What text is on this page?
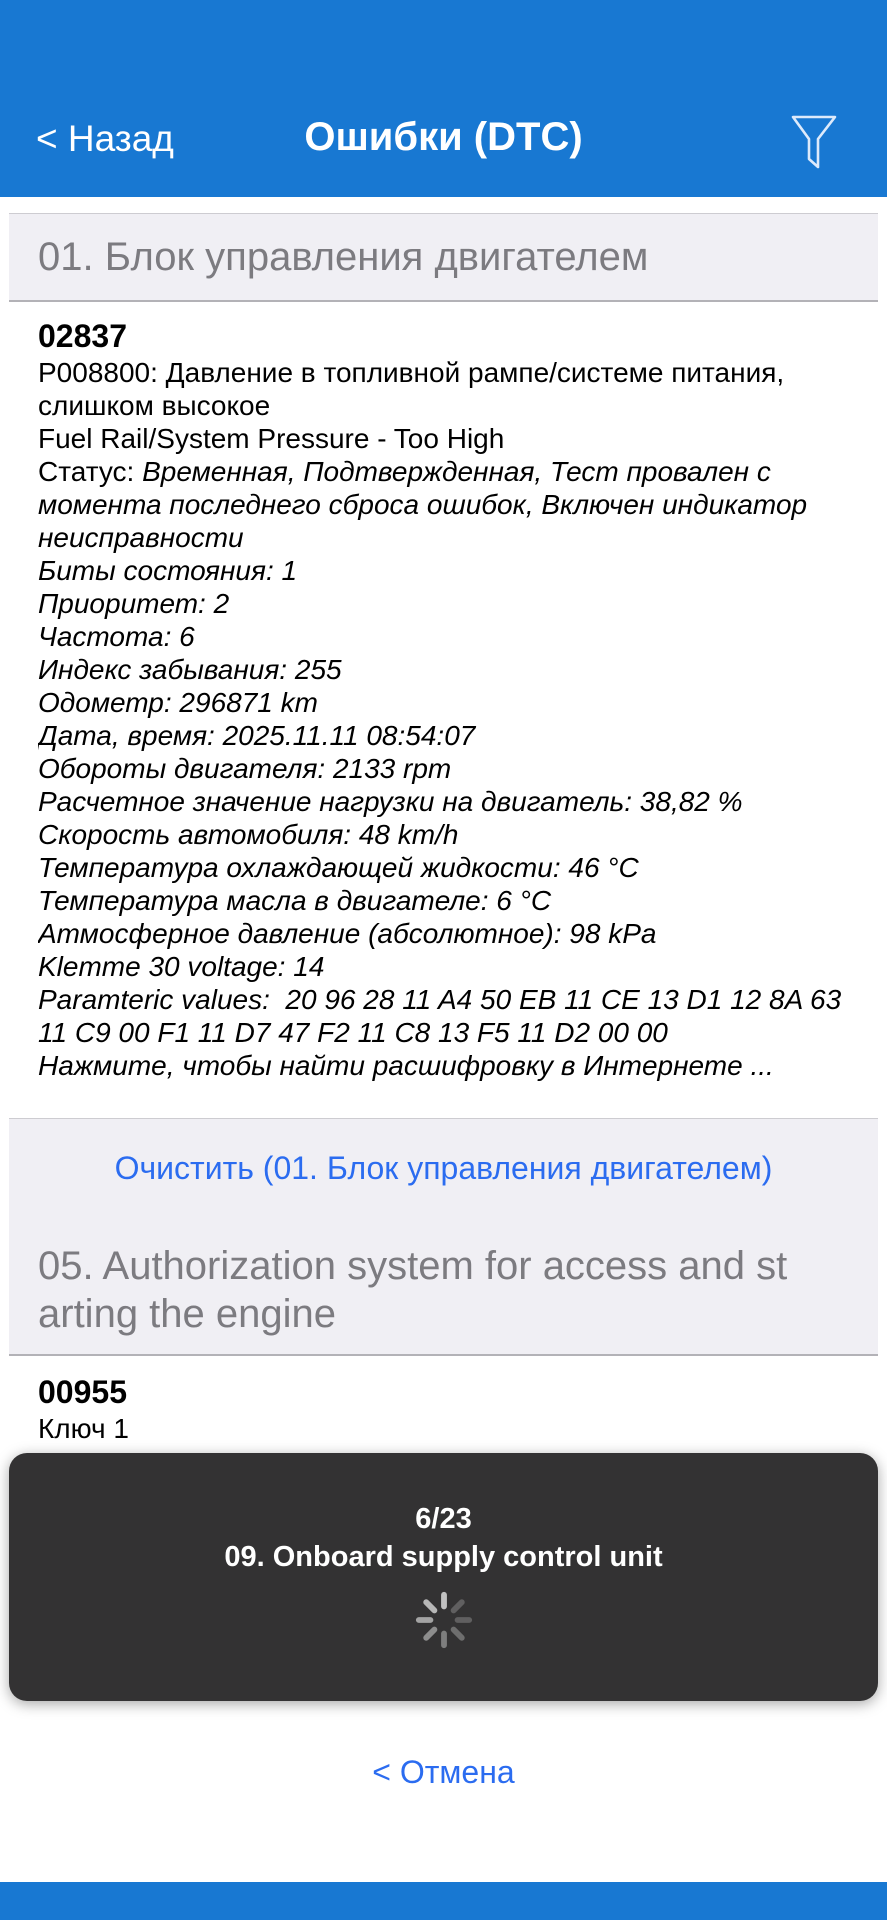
< Назад	Ошибки (DTC)
01. Блок управления двигателем
02837
P008800: Давление в топливной рампе/системе питания, слишком высокое
Fuel Rail/System Pressure - Too High
Статус: Временная, Подтвержденная, Тест провален с момента последнего сброса ошибок, Включен индикатор неисправности
Биты состояния: 1
Приоритет: 2
Частота: 6
Индекс забывания: 255
Одометр: 296871 km
Дата, время: 2025.11.11 08:54:07
Обороты двигателя: 2133 rpm
Расчетное значение нагрузки на двигатель: 38,82 %
Скорость автомобиля: 48 km/h
Температура охлаждающей жидкости: 46 °C
Температура масла в двигателе: 6 °C
Атмосферное давление (абсолютное): 98 kPa
Klemme 30 voltage: 14
Paramteric values:  20 96 28 11 A4 50 EB 11 CE 13 D1 12 8A 63 11 C9 00 F1 11 D7 47 F2 11 C8 13 F5 11 D2 00 00
Нажмите, чтобы найти расшифровку в Интернете ...
Очистить (01. Блок управления двигателем)
05. Authorization system for access and st
arting the engine
00955
Ключ 1
6/23
09. Onboard supply control unit
< Отмена
